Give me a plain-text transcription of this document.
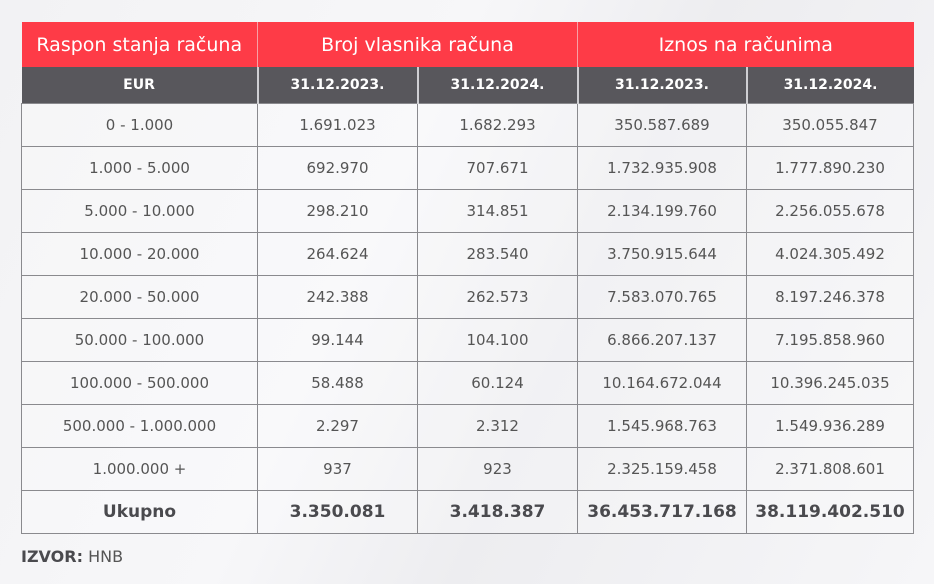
Raspon stanja računa	Broj vlasnika računa		Iznos na računima	
EUR	31.12.2023.	31.12.2024.	31.12.2023.	31.12.2024.
0 - 1.000	1.691.023	1.682.293	350.587.689	350.055.847
1.000 - 5.000	692.970	707.671	1.732.935.908	1.777.890.230
5.000 - 10.000	298.210	314.851	2.134.199.760	2.256.055.678
10.000 - 20.000	264.624	283.540	3.750.915.644	4.024.305.492
20.000 - 50.000	242.388	262.573	7.583.070.765	8.197.246.378
50.000 - 100.000	99.144	104.100	6.866.207.137	7.195.858.960
100.000 - 500.000	58.488	60.124	10.164.672.044	10.396.245.035
500.000 - 1.000.000	2.297	2.312	1.545.968.763	1.549.936.289
1.000.000 +	937	923	2.325.159.458	2.371.808.601
Ukupno	3.350.081	3.418.387	36.453.717.168	38.119.402.510
IZVOR: HNB
